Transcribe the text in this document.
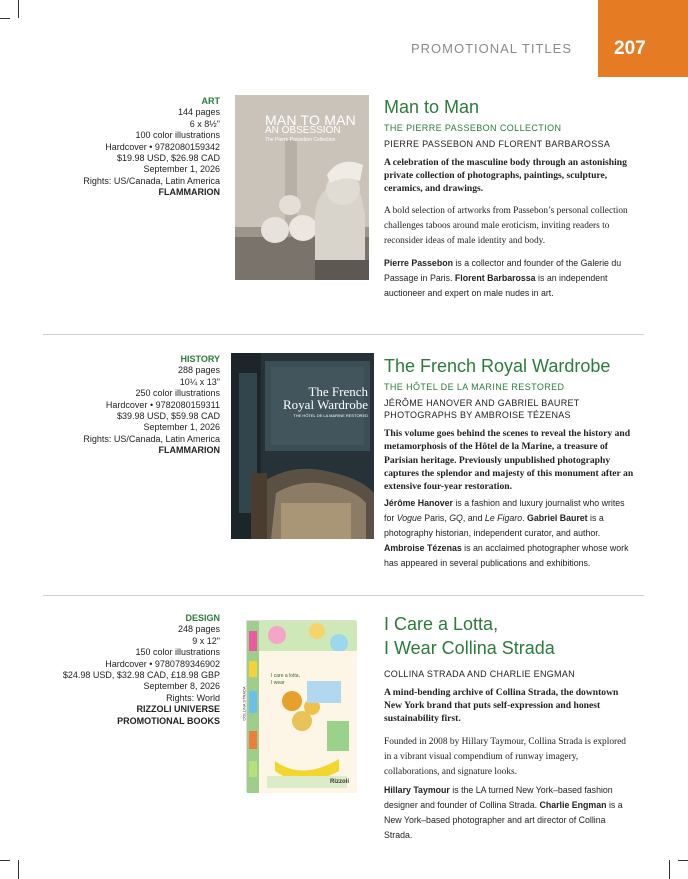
PROMOTIONAL TITLES 207
ART
144 pages
6 x 8½"
100 color illustrations
Hardcover • 9782080159342
$19.98 USD, $26.98 CAD
September 1, 2026
Rights: US/Canada, Latin America
FLAMMARION
MAN TO MAN
AN OBSESSION
The Pierre Passebon Collection
Man to Man
THE PIERRE PASSEBON COLLECTION
PIERRE PASSEBON AND FLORENT BARBAROSSA
A celebration of the masculine body through an astonishing private collection of photographs, paintings, sculpture, ceramics, and drawings.
A bold selection of artworks from Passebon’s personal collection challenges taboos around male eroticism, inviting readers to reconsider ideas of male identity and body.
Pierre Passebon is a collector and founder of the Galerie du Passage in Paris. Florent Barbarossa is an independent auctioneer and expert on male nudes in art.
HISTORY
288 pages
10¼ x 13"
250 color illustrations
Hardcover • 9782080159311
$39.98 USD, $59.98 CAD
September 1, 2026
Rights: US/Canada, Latin America
FLAMMARION
The French
Royal Wardrobe
THE HÔTEL DE LA MARINE RESTORED
The French Royal Wardrobe
THE HÔTEL DE LA MARINE RESTORED
JÉRÔME HANOVER AND GABRIEL BAURET
PHOTOGRAPHS BY AMBROISE TÉZENAS
This volume goes behind the scenes to reveal the history and metamorphosis of the Hôtel de la Marine, a treasure of Parisian heritage. Previously unpublished photography captures the splendor and majesty of this monument after an extensive four-year restoration.
Jérôme Hanover is a fashion and luxury journalist who writes for Vogue Paris, GQ, and Le Figaro. Gabriel Bauret is a photography historian, independent curator, and author. Ambroise Tézenas is an acclaimed photographer whose work has appeared in several publications and exhibitions.
DESIGN
248 pages
9 x 12"
150 color illustrations
Hardcover • 9780789346902
$24.98 USD, $32.98 CAD, £18.98 GBP
September 8, 2026
Rights: World
RIZZOLI UNIVERSE
PROMOTIONAL BOOKS
I care a lotta,
I wear
COLLINA STRADA
Rizzoli
I Care a Lotta,
I Wear Collina Strada
COLLINA STRADA AND CHARLIE ENGMAN
A mind-bending archive of Collina Strada, the downtown New York brand that puts self-expression and honest sustainability first.
Founded in 2008 by Hillary Taymour, Collina Strada is explored in a vibrant visual compendium of runway imagery, collaborations, and signature looks.
Hillary Taymour is the LA turned New York–based fashion designer and founder of Collina Strada. Charlie Engman is a New York–based photographer and art director of Collina Strada.
